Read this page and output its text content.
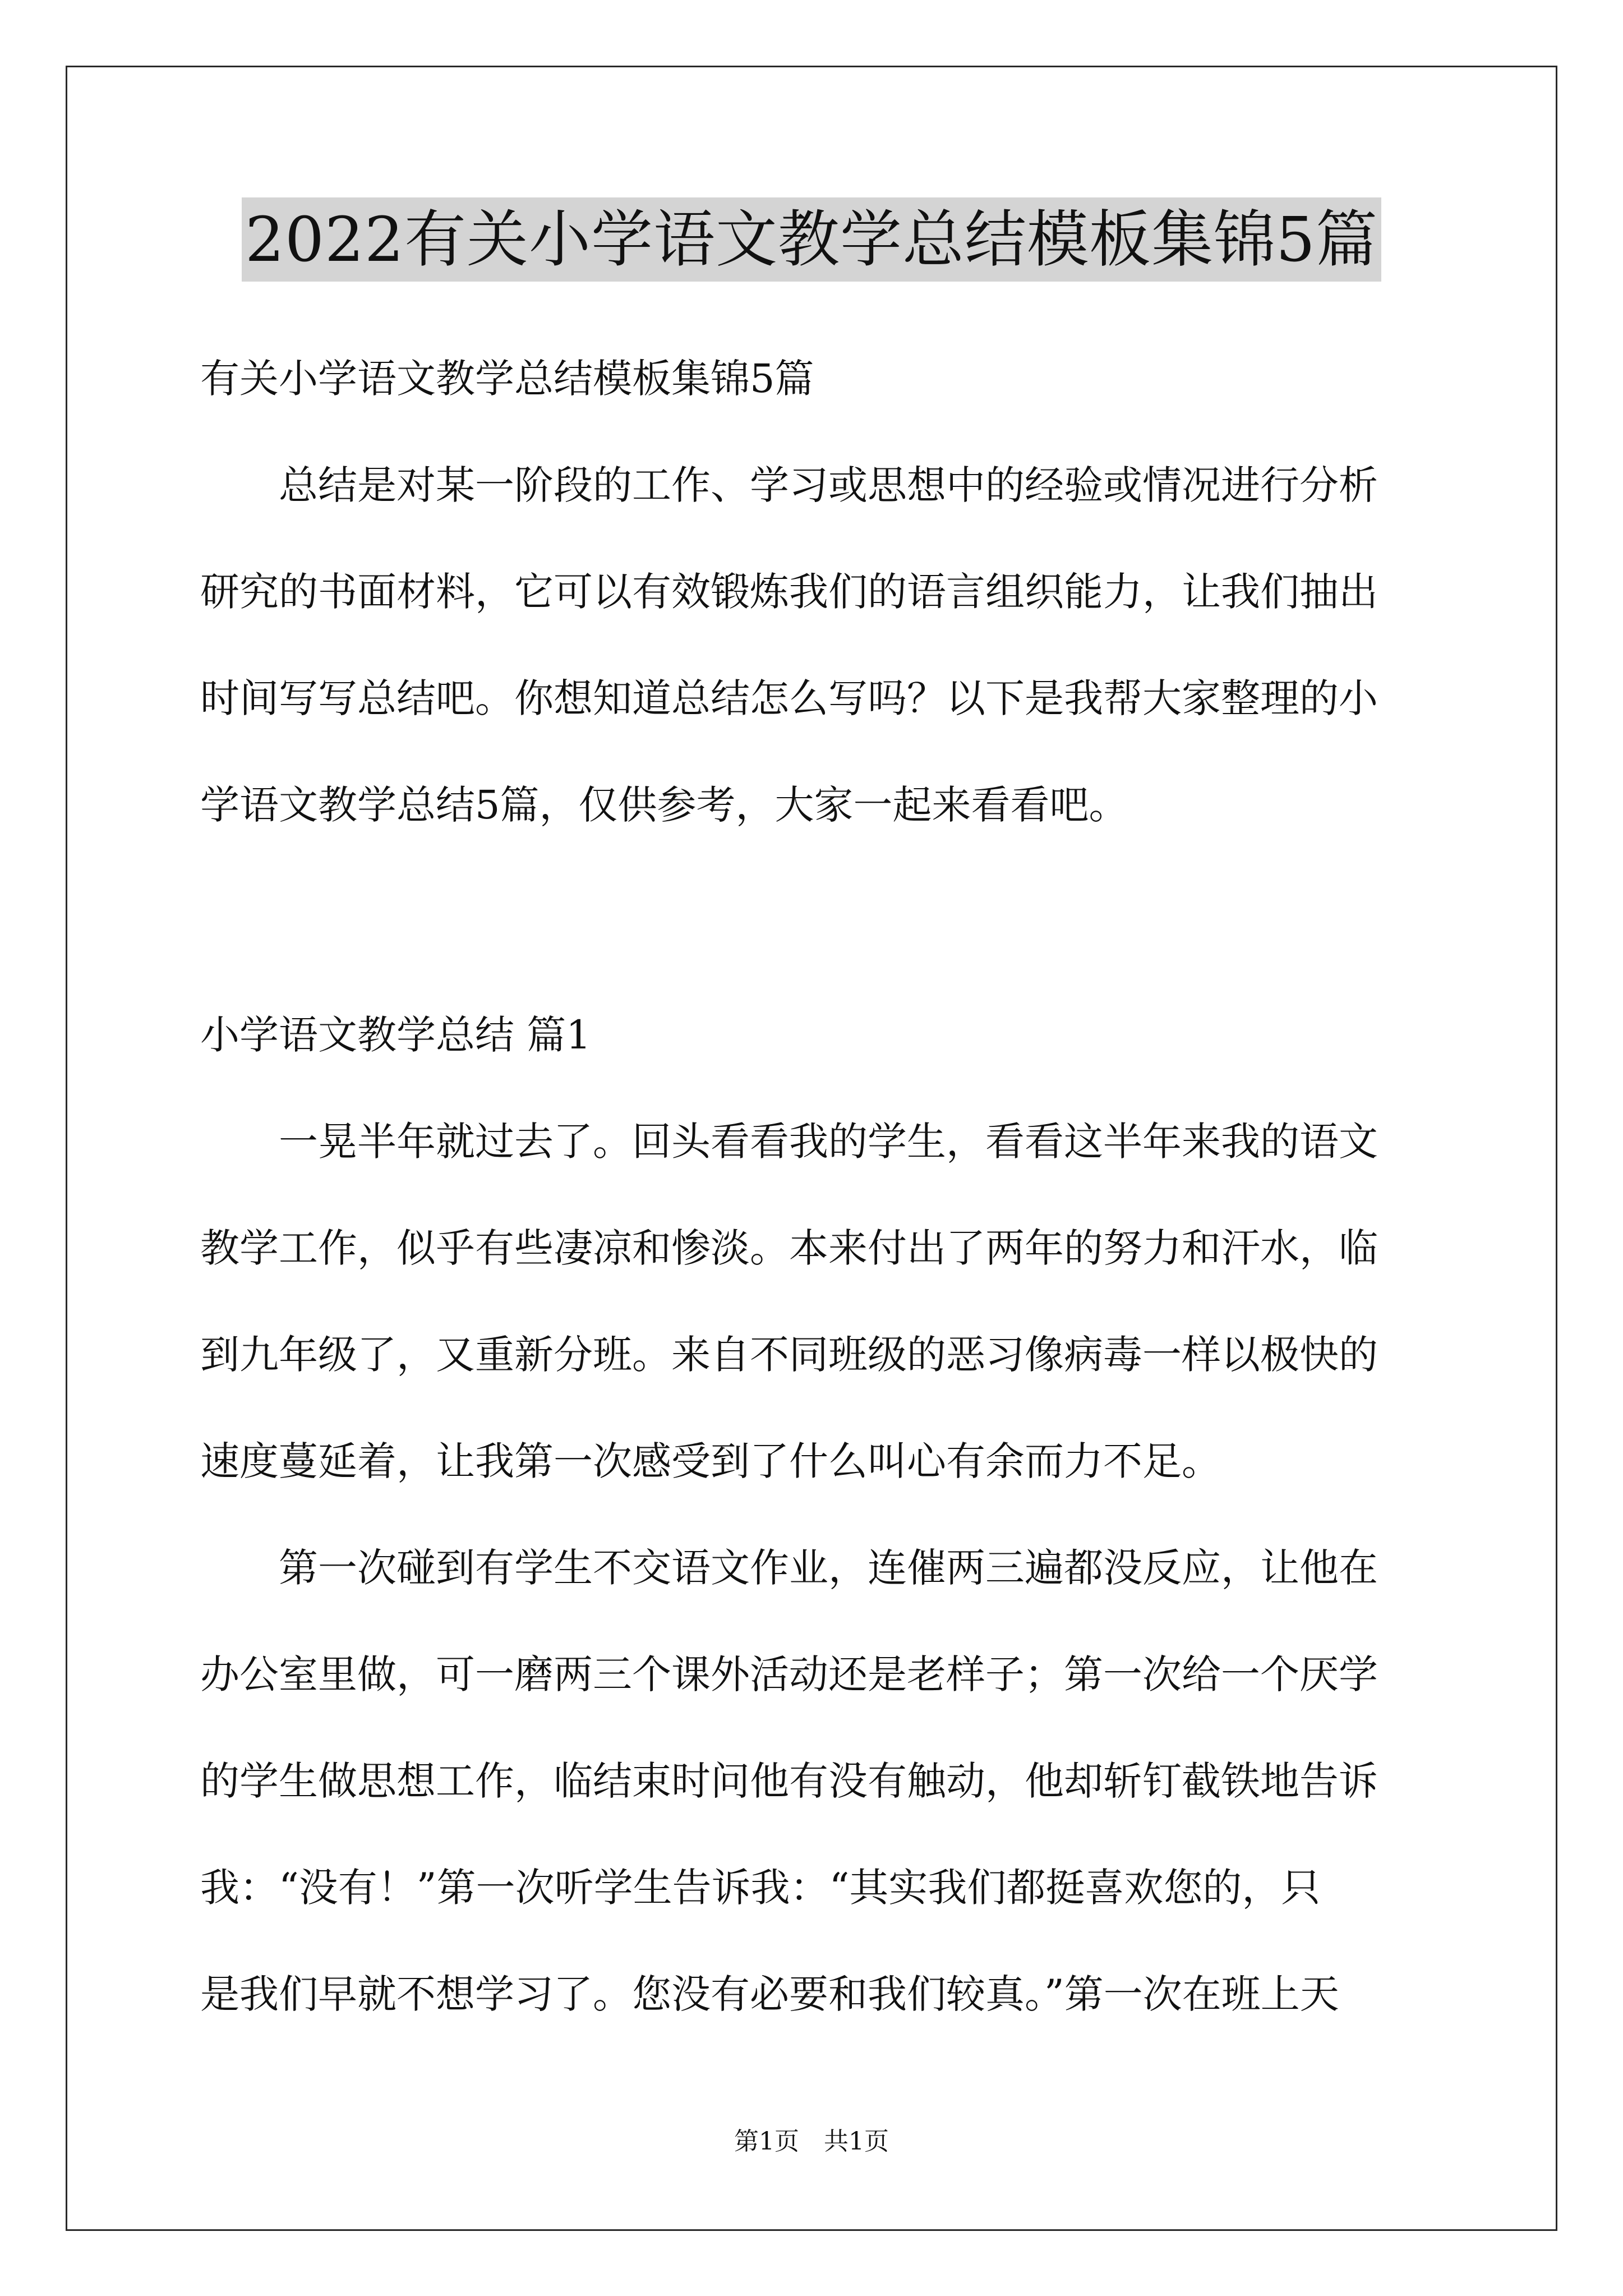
2022有关小学语文教学总结模板集锦5篇
有关小学语文教学总结模板集锦5篇
总结是对某一阶段的工作、学习或思想中的经验或情况进行分析
研究的书面材料，它可以有效锻炼我们的语言组织能力，让我们抽出
时间写写总结吧。你想知道总结怎么写吗？以下是我帮大家整理的小
学语文教学总结5篇，仅供参考，大家一起来看看吧。
小学语文教学总结 篇1
一晃半年就过去了。回头看看我的学生，看看这半年来我的语文
教学工作，似乎有些凄凉和惨淡。本来付出了两年的努力和汗水，临
到九年级了，又重新分班。来自不同班级的恶习像病毒一样以极快的
速度蔓延着，让我第一次感受到了什么叫心有余而力不足。
第一次碰到有学生不交语文作业，连催两三遍都没反应，让他在
办公室里做，可一磨两三个课外活动还是老样子；第一次给一个厌学
的学生做思想工作，临结束时问他有没有触动，他却斩钉截铁地告诉
我：“没有！”第一次听学生告诉我：“其实我们都挺喜欢您的，只
是我们早就不想学习了。您没有必要和我们较真。”第一次在班上天
第1页　共1页
